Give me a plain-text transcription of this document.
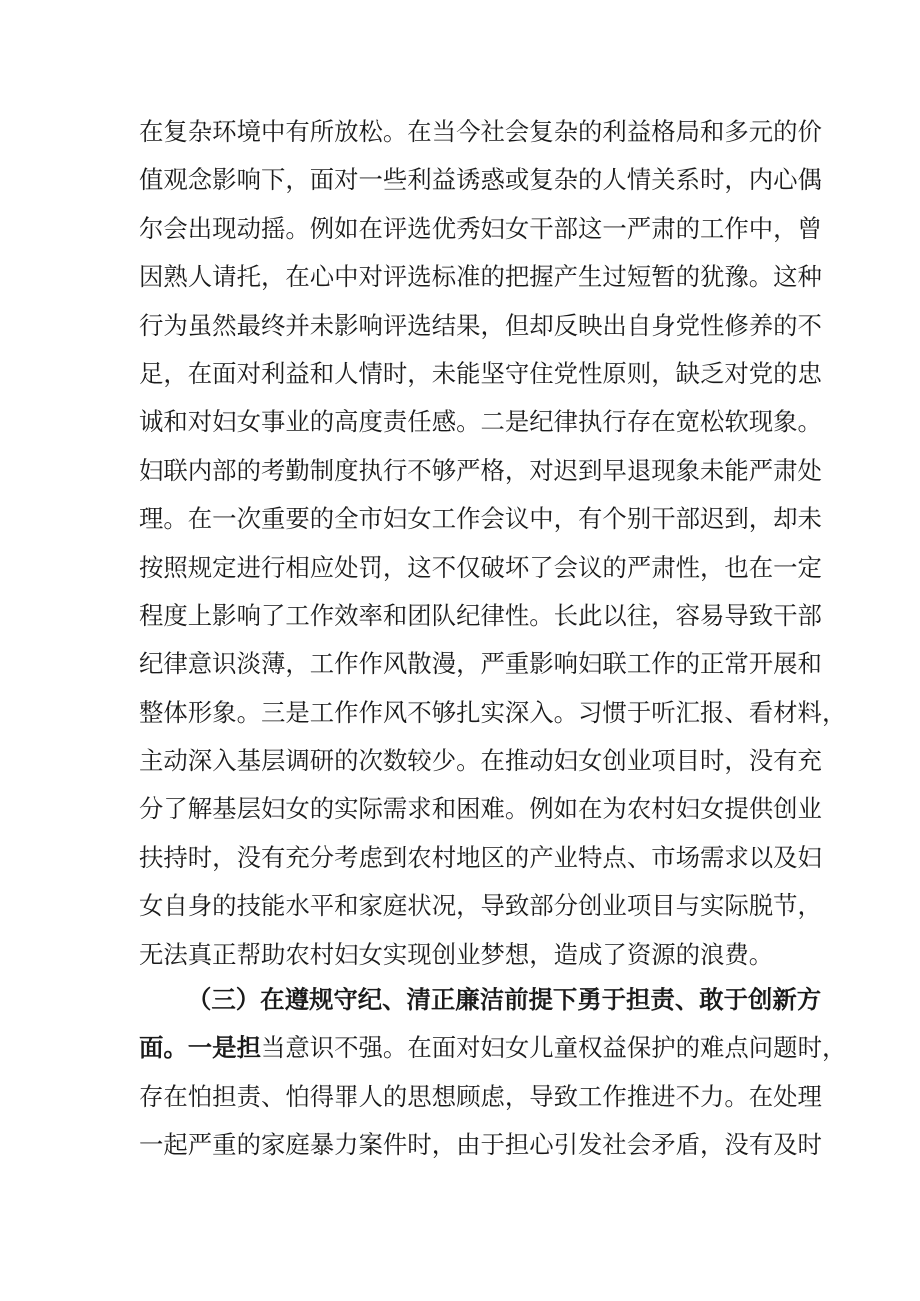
在复杂环境中有所放松。在当今社会复杂的利益格局和多元的价
值观念影响下，面对一些利益诱惑或复杂的人情关系时，内心偶
尔会出现动摇。例如在评选优秀妇女干部这一严肃的工作中，曾
因熟人请托，在心中对评选标准的把握产生过短暂的犹豫。这种
行为虽然最终并未影响评选结果，但却反映出自身党性修养的不
足，在面对利益和人情时，未能坚守住党性原则，缺乏对党的忠
诚和对妇女事业的高度责任感。二是纪律执行存在宽松软现象。
妇联内部的考勤制度执行不够严格，对迟到早退现象未能严肃处
理。在一次重要的全市妇女工作会议中，有个别干部迟到，却未
按照规定进行相应处罚，这不仅破坏了会议的严肃性，也在一定
程度上影响了工作效率和团队纪律性。长此以往，容易导致干部
纪律意识淡薄，工作作风散漫，严重影响妇联工作的正常开展和
整体形象。三是工作作风不够扎实深入。习惯于听汇报、看材料，
主动深入基层调研的次数较少。在推动妇女创业项目时，没有充
分了解基层妇女的实际需求和困难。例如在为农村妇女提供创业
扶持时，没有充分考虑到农村地区的产业特点、市场需求以及妇
女自身的技能水平和家庭状况，导致部分创业项目与实际脱节，
无法真正帮助农村妇女实现创业梦想，造成了资源的浪费。
（三）在遵规守纪、清正廉洁前提下勇于担责、敢于创新方
面。一是担当意识不强。在面对妇女儿童权益保护的难点问题时，
存在怕担责、怕得罪人的思想顾虑，导致工作推进不力。在处理
一起严重的家庭暴力案件时，由于担心引发社会矛盾，没有及时
